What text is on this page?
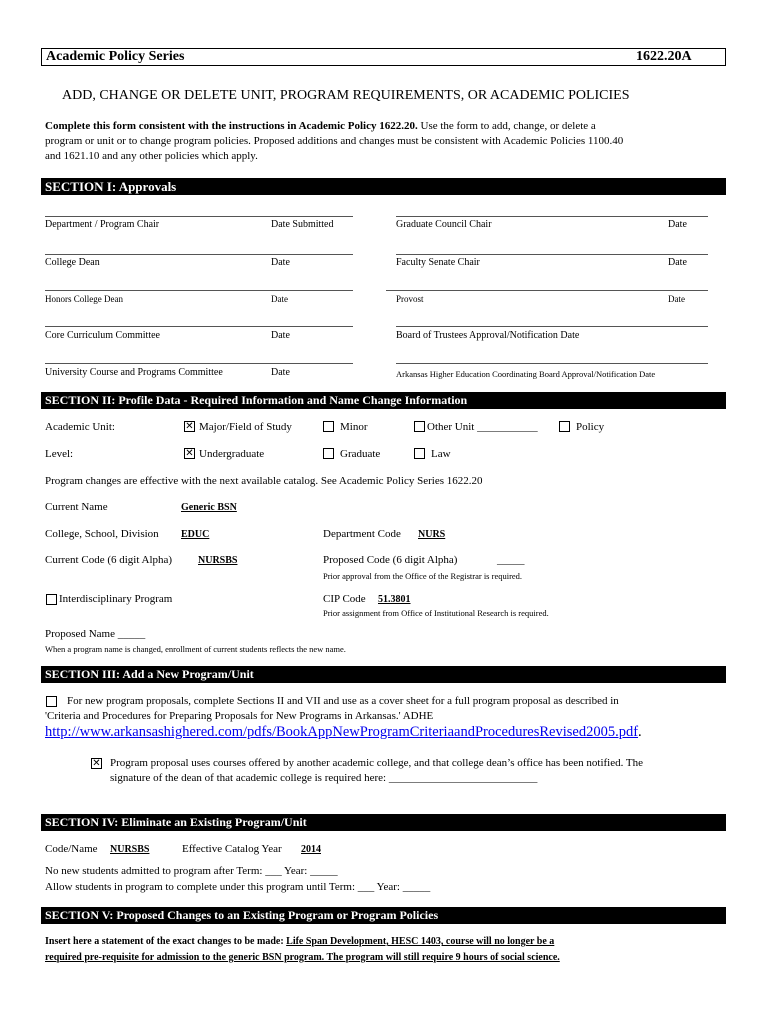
Academic Policy Series	1622.20A
ADD, CHANGE OR DELETE UNIT, PROGRAM REQUIREMENTS, OR ACADEMIC POLICIES
Complete this form consistent with the instructions in Academic Policy 1622.20. Use the form to add, change, or delete a
program or unit or to change program policies. Proposed additions and changes must be consistent with Academic Policies 1100.40
and 1621.10 and any other policies which apply.
SECTION I: Approvals
Department / Program Chair	Date Submitted	Graduate Council Chair	Date
College Dean	Date	Faculty Senate Chair	Date
Honors College Dean	Date	Provost	Date
Core Curriculum Committee	Date	Board of Trustees Approval/Notification Date
University Course and Programs Committee	Date	Arkansas Higher Education Coordinating Board Approval/Notification Date
SECTION II: Profile Data - Required Information and Name Change Information
Academic Unit: ✕	Major/Field of Study	Minor	Other Unit ___________	Policy
Level: ✕	Undergraduate	Graduate	Law
Program changes are effective with the next available catalog. See Academic Policy Series 1622.20
Current Name	Generic BSN
College, School, Division EDUC	Department Code NURS
Current Code (6 digit Alpha)	NURSBS	Proposed Code (6 digit Alpha)	_____
Prior approval from the Office of the Registrar is required.
Interdisciplinary Program	CIP Code 51.3801
Prior assignment from Office of Institutional Research is required.
Proposed Name _____
When a program name is changed, enrollment of current students reflects the new name.
SECTION III: Add a New Program/Unit
For new program proposals, complete Sections II and VII and use as a cover sheet for a full program proposal as described in
'Criteria and Procedures for Preparing Proposals for New Programs in Arkansas.' ADHE
http://www.arkansashighered.com/pdfs/BookAppNewProgramCriteriaandProceduresRevised2005.pdf.
✕
Program proposal uses courses offered by another academic college, and that college dean’s office has been notified. The
signature of the dean of that academic college is required here: ___________________________
SECTION IV: Eliminate an Existing Program/Unit
Code/Name NURSBS	Effective Catalog Year 2014
No new students admitted to program after Term: ___ Year: _____
Allow students in program to complete under this program until Term: ___ Year: _____
SECTION V: Proposed Changes to an Existing Program or Program Policies
Insert here a statement of the exact changes to be made: Life Span Development, HESC 1403, course will no longer be a
required pre-requisite for admission to the generic BSN program. The program will still require 9 hours of social science.
